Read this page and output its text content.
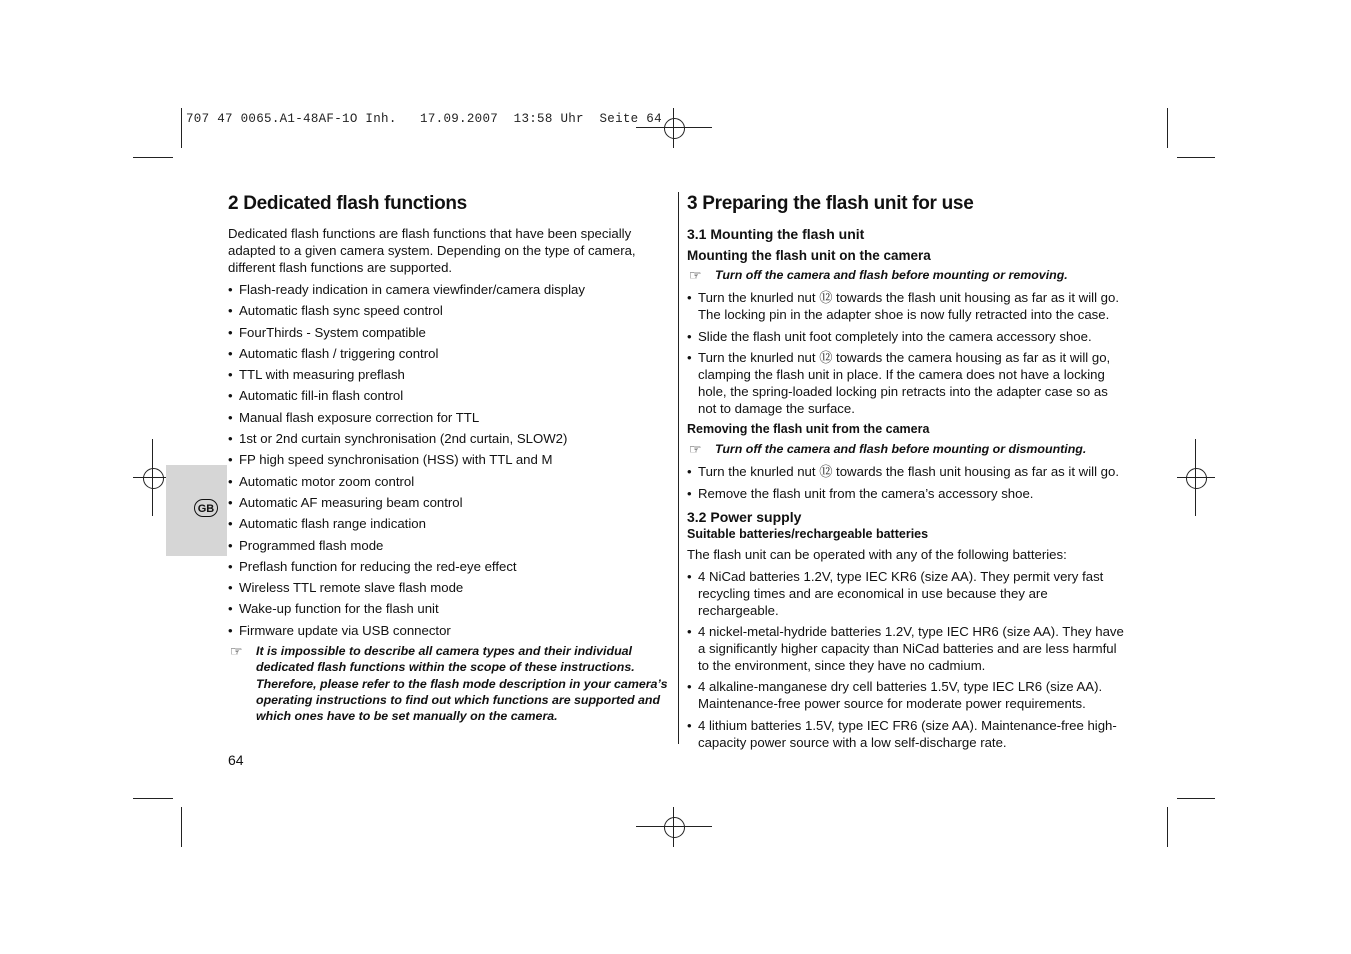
707 47 0065.A1-48AF-1O Inh.   17.09.2007  13:58 Uhr  Seite 64
GB
2 Dedicated flash functions

Dedicated flash functions are flash functions that have been specially adapted to a given camera system. Depending on the type of camera, different flash functions are supported.

• Flash-ready indication in camera viewfinder/camera display
• Automatic flash sync speed control
• FourThirds - System compatible
• Automatic flash / triggering control
• TTL with measuring preflash
• Automatic fill-in flash control
• Manual flash exposure correction for TTL
• 1st or 2nd curtain synchronisation (2nd curtain, SLOW2)
• FP high speed synchronisation (HSS) with TTL and M
• Automatic motor zoom control
• Automatic AF measuring beam control
• Automatic flash range indication
• Programmed flash mode
• Preflash function for reducing the red-eye effect
• Wireless TTL remote slave flash mode
• Wake-up function for the flash unit
• Firmware update via USB connector
☞ It is impossible to describe all camera types and their individual dedicated flash functions within the scope of these instructions. Therefore, please refer to the flash mode description in your camera’s operating instructions to find out which functions are supported and which ones have to be set manually on the camera.
3 Preparing the flash unit for use
3.1 Mounting the flash unit
Mounting the flash unit on the camera
☞ Turn off the camera and flash before mounting or removing.
• Turn the knurled nut ⑫ towards the flash unit housing as far as it will go. The locking pin in the adapter shoe is now fully retracted into the case.
• Slide the flash unit foot completely into the camera accessory shoe.
• Turn the knurled nut ⑫ towards the camera housing as far as it will go, clamping the flash unit in place. If the camera does not have a locking hole, the spring-loaded locking pin retracts into the adapter case so as not to damage the surface.
Removing the flash unit from the camera
☞ Turn off the camera and flash before mounting or dismounting.
• Turn the knurled nut ⑫ towards the flash unit housing as far as it will go.
• Remove the flash unit from the camera’s accessory shoe.
3.2 Power supply
Suitable batteries/rechargeable batteries

The flash unit can be operated with any of the following batteries:

• 4 NiCad batteries 1.2V, type IEC KR6 (size AA). They permit very fast recycling times and are economical in use because they are rechargeable.
• 4 nickel-metal-hydride batteries 1.2V, type IEC HR6 (size AA). They have a significantly higher capacity than NiCad batteries and are less harmful to the environment, since they have no cadmium.
• 4 alkaline-manganese dry cell batteries 1.5V, type IEC LR6 (size AA). Maintenance-free power source for moderate power requirements.
• 4 lithium batteries 1.5V, type IEC FR6 (size AA). Maintenance-free high-capacity power source with a low self-discharge rate.
64
